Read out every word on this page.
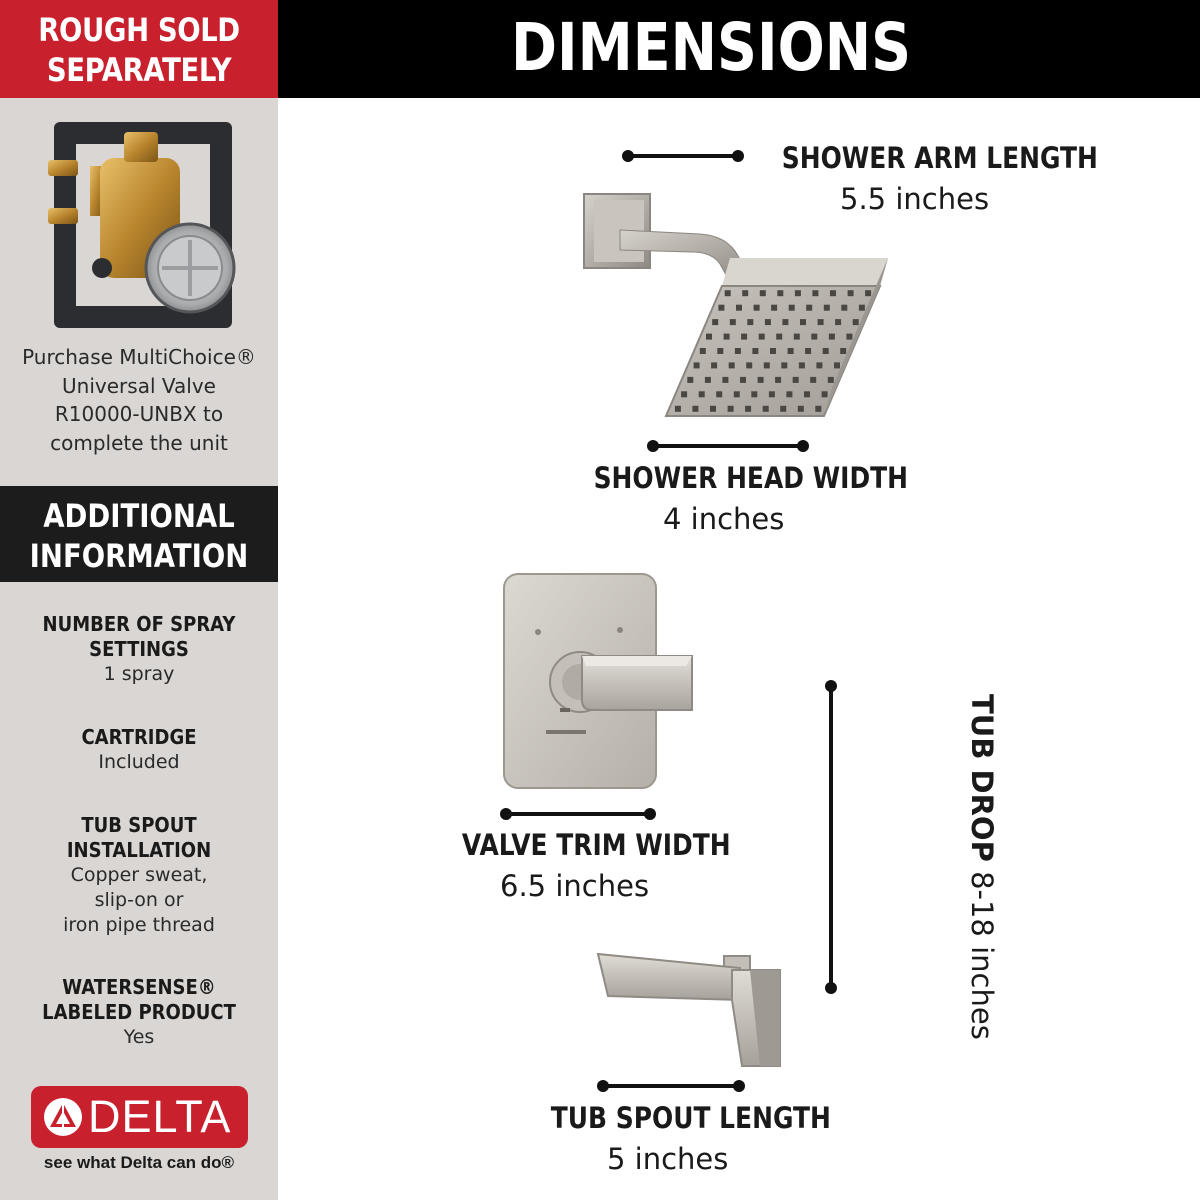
ROUGH SOLD
SEPARATELY
Purchase MultiChoice®
Universal Valve
R10000-UNBX to
complete the unit
ADDITIONAL
INFORMATION
NUMBER OF SPRAY
SETTINGS
1 spray
CARTRIDGE
Included
TUB SPOUT
INSTALLATION
Copper sweat,
slip-on or
iron pipe thread
WATERSENSE®
LABELED PRODUCT
Yes
DELTA
see what Delta can do®
DIMENSIONS
SHOWER ARM LENGTH
5.5 inches
SHOWER HEAD WIDTH
4 inches
VALVE TRIM WIDTH
6.5 inches
TUB DROP 8-18 inches
TUB SPOUT LENGTH
5 inches
